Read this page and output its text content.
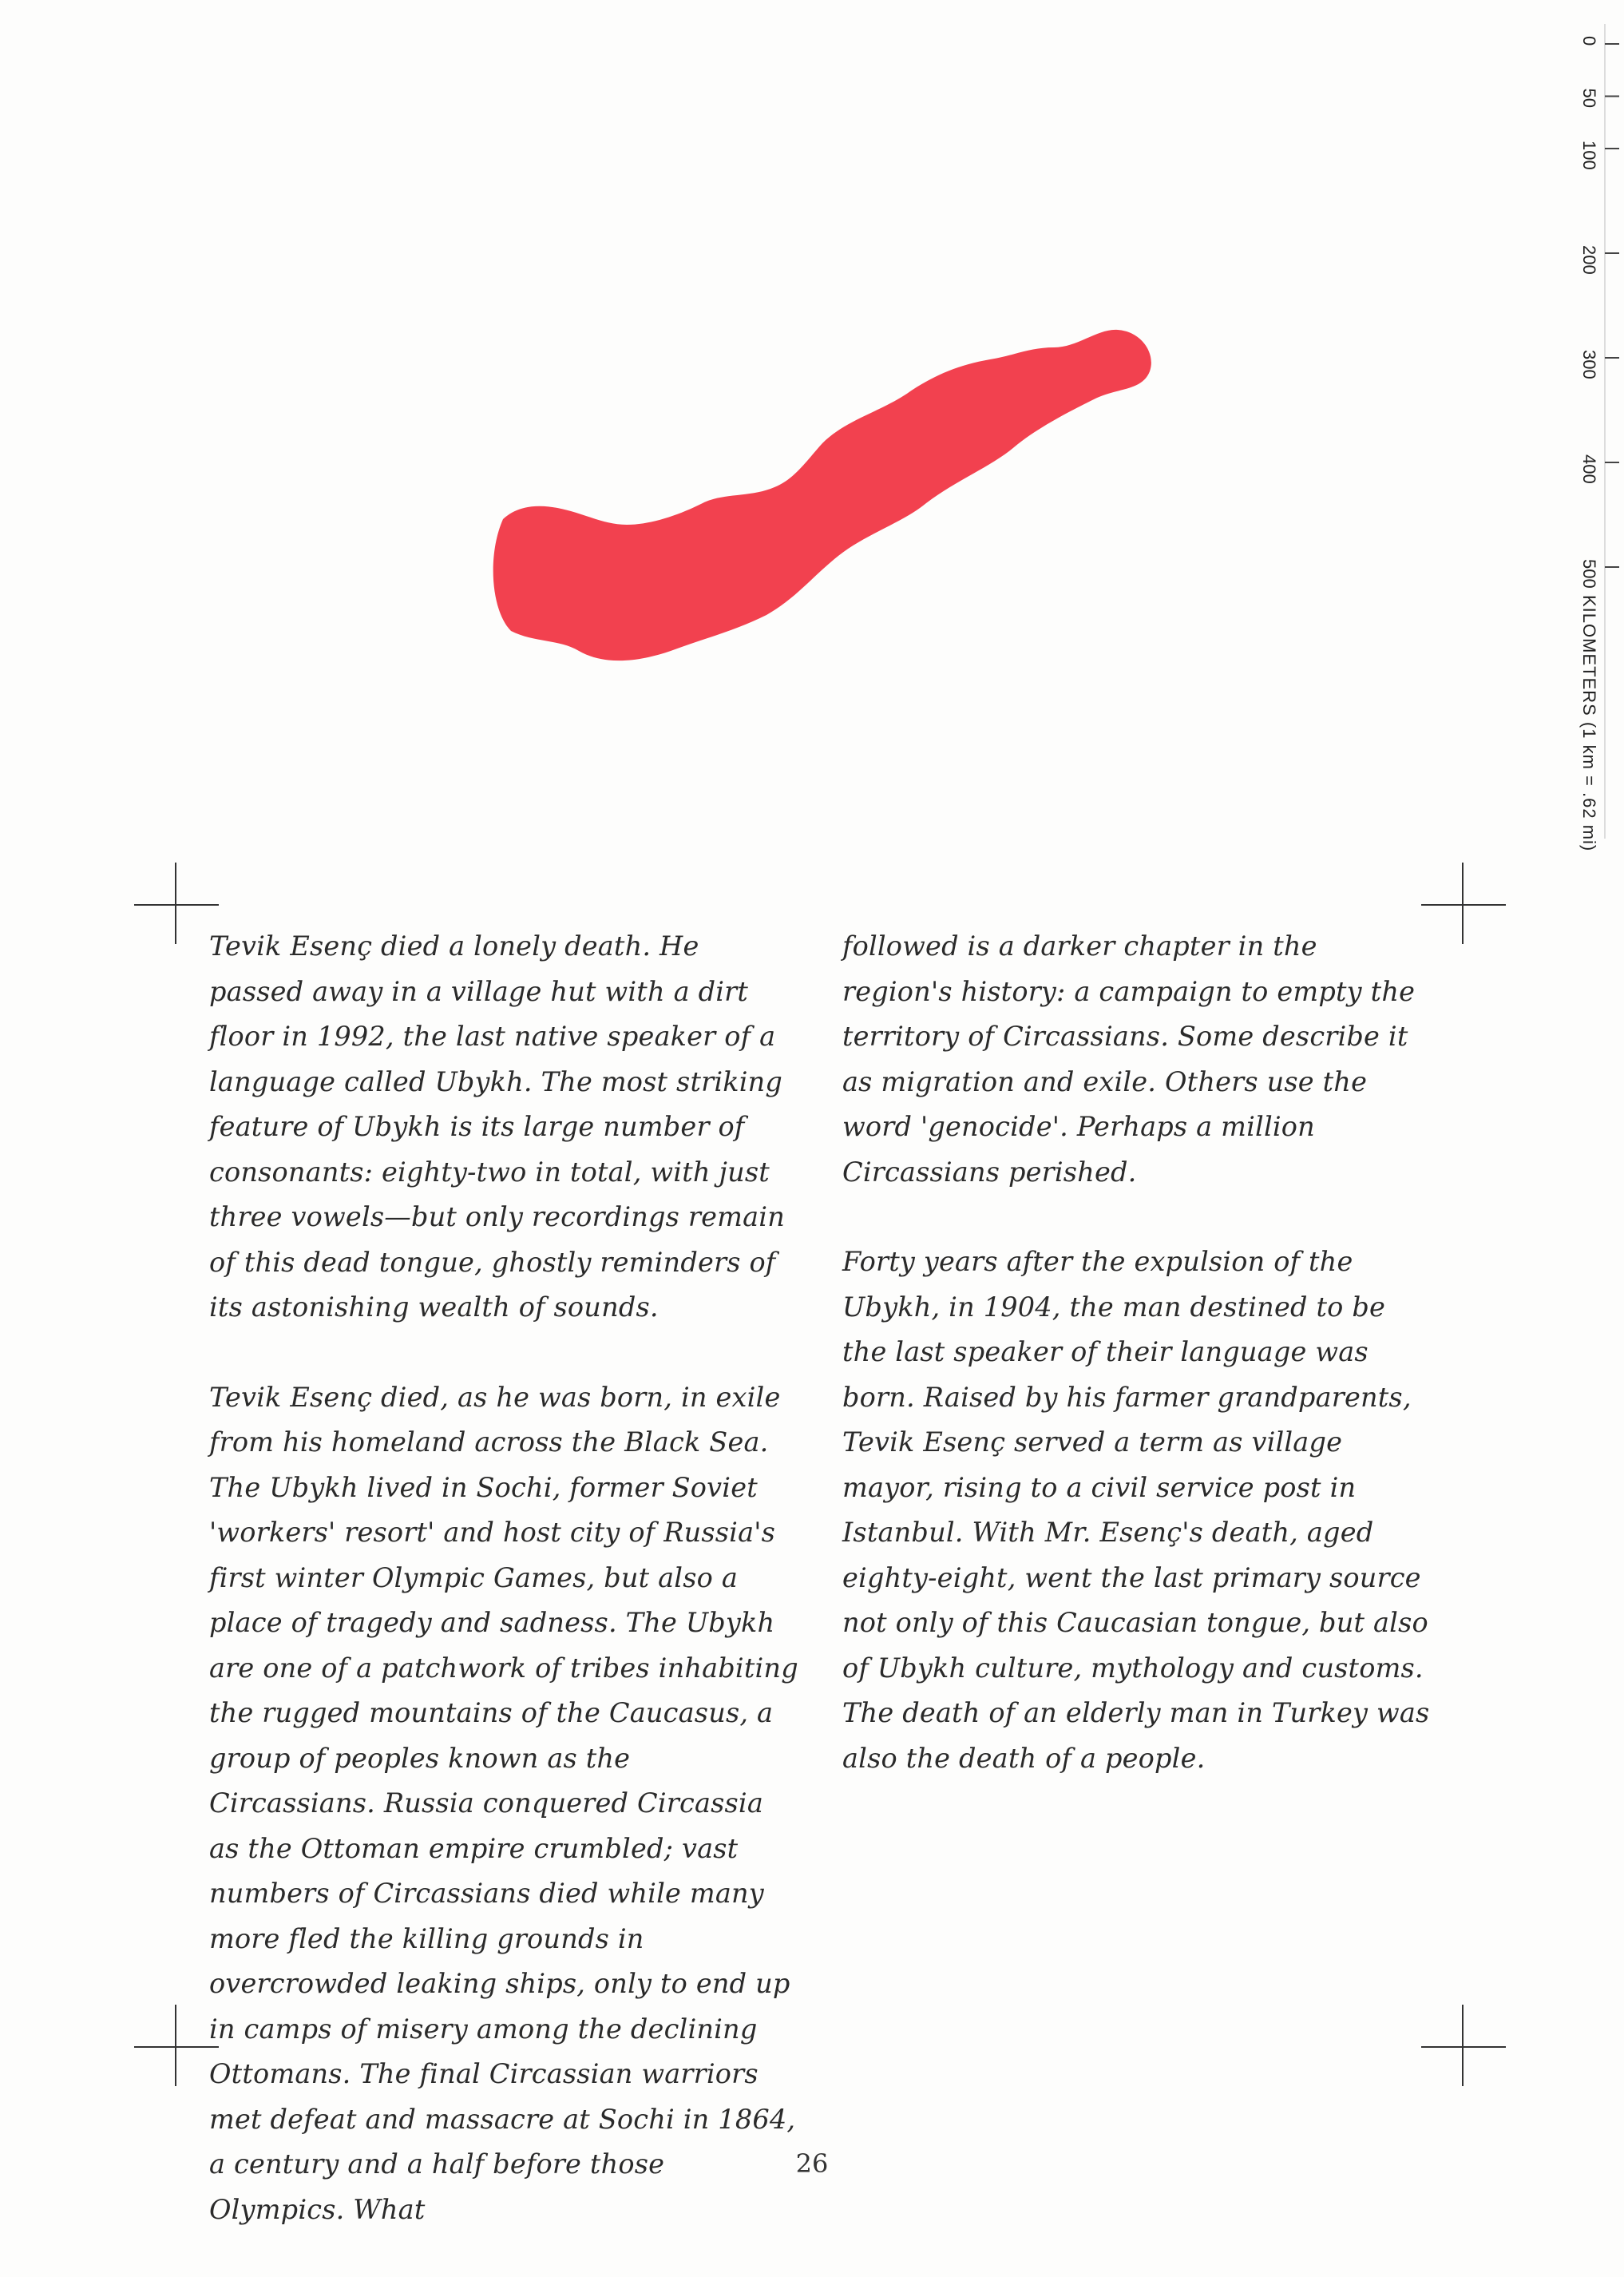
0
50
100
200
300
400
500
KILOMETERS (1 km = .62 mi)

Tevik Esenç died a lonely death. He passed away in a village hut with a dirt floor in 1992, the last native speaker of a language called Ubykh. The most striking feature of Ubykh is its large number of consonants: eighty-two in total, with just three vowels—but only recordings remain of this dead tongue, ghostly reminders of its astonishing wealth of sounds.

Tevik Esenç died, as he was born, in exile from his homeland across the Black Sea. The Ubykh lived in Sochi, former Soviet 'workers' resort' and host city of Russia's first winter Olympic Games, but also a place of tragedy and sadness. The Ubykh are one of a patchwork of tribes inhabiting the rugged mountains of the Caucasus, a group of peoples known as the Circassians. Russia conquered Circassia as the Ottoman empire crumbled; vast numbers of Circassians died while many more fled the killing grounds in overcrowded leaking ships, only to end up in camps of misery among the declining Ottomans. The final Circassian warriors met defeat and massacre at Sochi in 1864, a century and a half before those Olympics. What

followed is a darker chapter in the region's history: a campaign to empty the territory of Circassians. Some describe it as migration and exile. Others use the word 'genocide'. Perhaps a million Circassians perished.

Forty years after the expulsion of the Ubykh, in 1904, the man destined to be the last speaker of their language was born. Raised by his farmer grandparents, Tevik Esenç served a term as village mayor, rising to a civil service post in Istanbul. With Mr. Esenç's death, aged eighty-eight, went the last primary source not only of this Caucasian tongue, but also of Ubykh culture, mythology and customs. The death of an elderly man in Turkey was also the death of a people.

26
